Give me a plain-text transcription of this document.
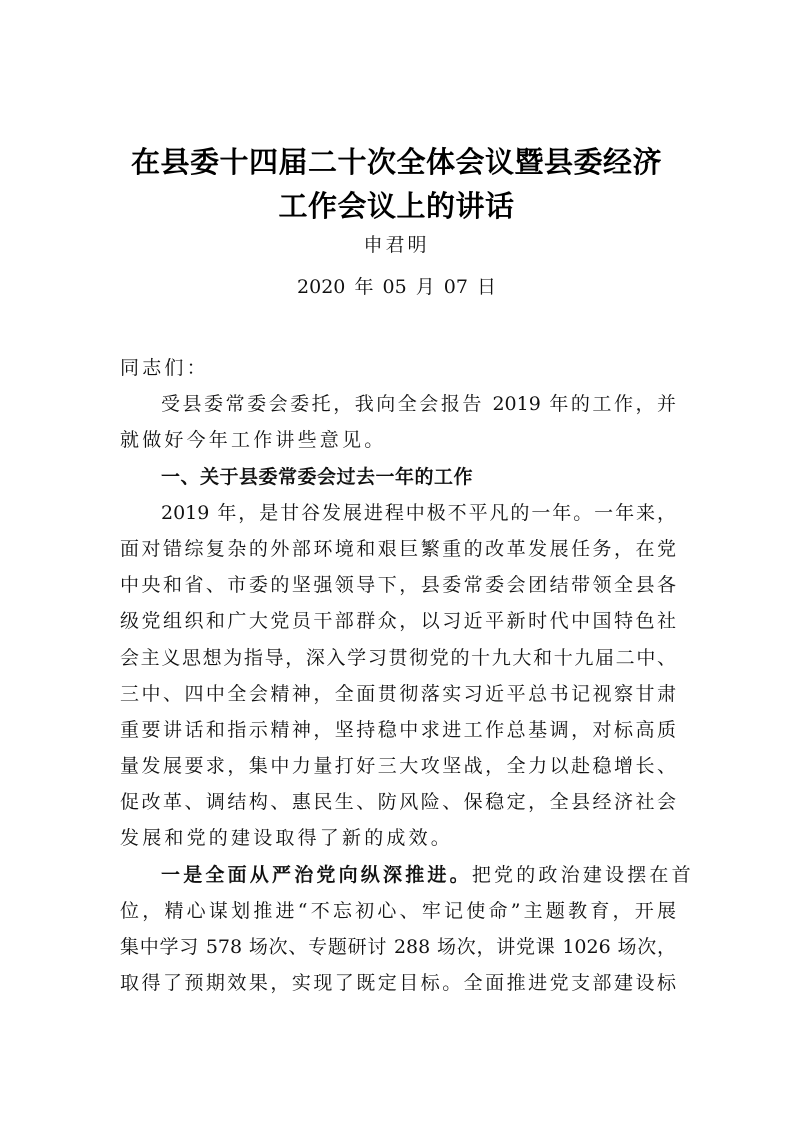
在县委十四届二十次全体会议暨县委经济
工作会议上的讲话
申君明
2020 年 05 月 07 日
同志们：
受县委常委会委托，我向全会报告 2019 年的工作，并
就做好今年工作讲些意见。
一、关于县委常委会过去一年的工作
2019 年，是甘谷发展进程中极不平凡的一年。一年来，
面对错综复杂的外部环境和艰巨繁重的改革发展任务，在党
中央和省、市委的坚强领导下，县委常委会团结带领全县各
级党组织和广大党员干部群众，以习近平新时代中国特色社
会主义思想为指导，深入学习贯彻党的十九大和十九届二中、
三中、四中全会精神，全面贯彻落实习近平总书记视察甘肃
重要讲话和指示精神，坚持稳中求进工作总基调，对标高质
量发展要求，集中力量打好三大攻坚战，全力以赴稳增长、
促改革、调结构、惠民生、防风险、保稳定，全县经济社会
发展和党的建设取得了新的成效。
一是全面从严治党向纵深推进。把党的政治建设摆在首
位，精心谋划推进“不忘初心、牢记使命”主题教育，开展
集中学习 578 场次、专题研讨 288 场次，讲党课 1026 场次，
取得了预期效果，实现了既定目标。全面推进党支部建设标
